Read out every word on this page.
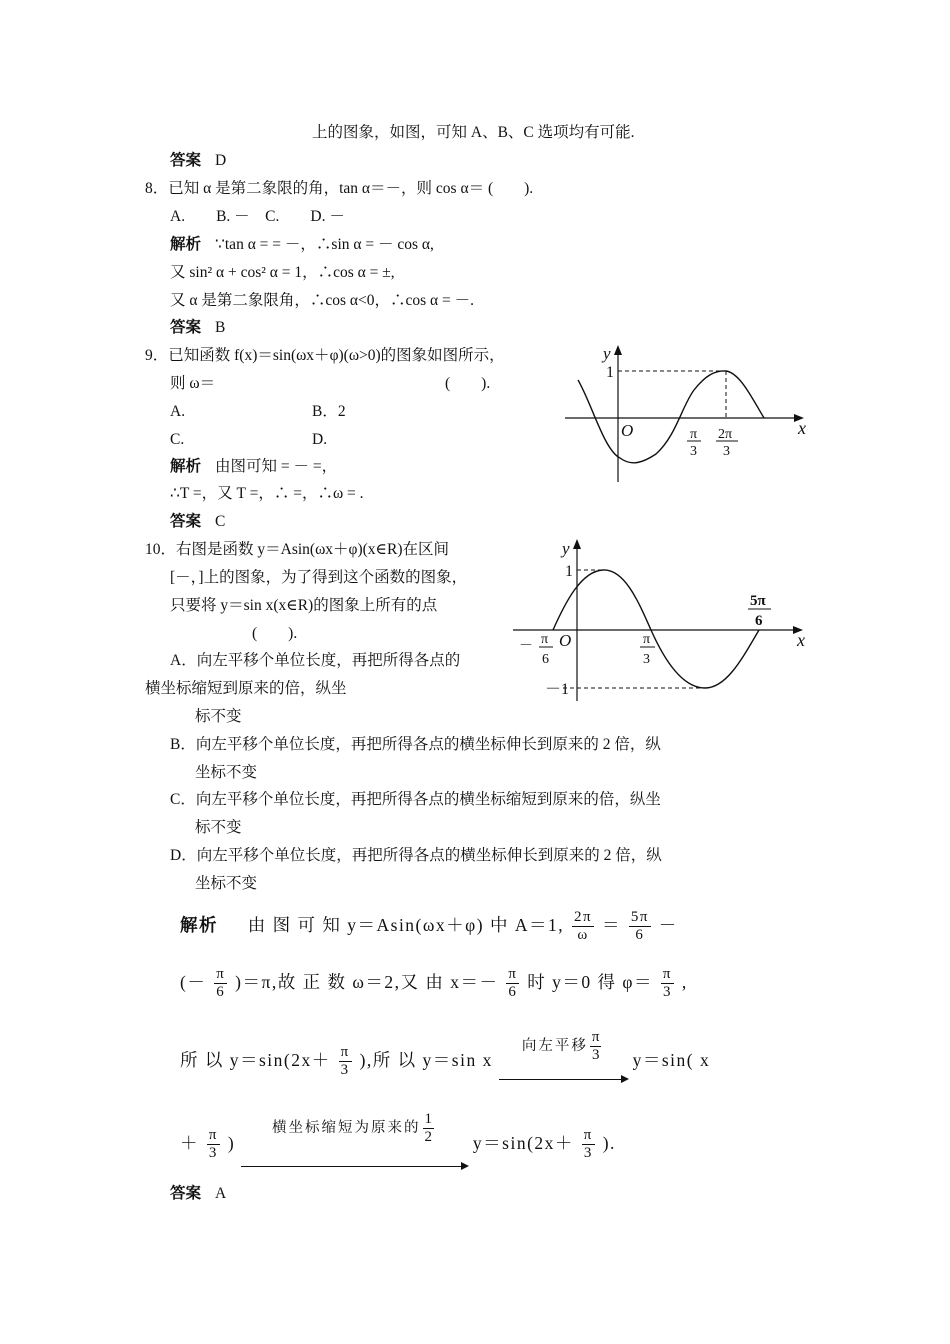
上的图象，如图，可知 A、B、C 选项均有可能.
答案 D
8．已知 α 是第二象限的角，tan α＝－，则 cos α＝ (　　).
A.　　B. －　C.　　D. －
解析 ∵tan α = = －，∴sin α = － cos α,
又 sin² α + cos² α = 1，∴cos α = ±,
又 α 是第二象限角，∴cos α<0，∴cos α = －.
答案 B
9．已知函数 f(x)＝sin(ωx＋φ)(ω>0)的图象如图所示，
则 ω＝	(　　).
A.	B．2
C.	D.
解析 由图可知 = － =，
∴T =，又 T =，∴ =，∴ω = .
答案 C
10．右图是函数 y＝Asin(ωx＋φ)(x∈R)在区间
[－，]上的图象，为了得到这个函数的图象，
只要将 y＝sin x(x∈R)的图象上所有的点
(　　).
A．向左平移个单位长度，再把所得各点的
横坐标缩短到原来的倍，纵坐
标不变
B．向左平移个单位长度，再把所得各点的横坐标伸长到原来的 2 倍，纵
坐标不变
C．向左平移个单位长度，再把所得各点的横坐标缩短到原来的倍，纵坐
标不变
D．向左平移个单位长度，再把所得各点的横坐标伸长到原来的 2 倍，纵
坐标不变
解析 由 图 可 知 y＝Asin(ωx＋φ) 中 A＝1, $\frac{2\pi}{\omega} = \frac{5\pi}{6}$ －
(－ $\frac{\pi}{6} )=\pi$,故 正 数 ω＝2,又 由 $x=- \frac{\pi}{6}$ 时 y＝0 得 $\varphi= \frac{\pi}{3}$ ,
所 以 $y=\sin(2x+ \frac{\pi}{3}$ ),所 以 y＝sin x
向左平移 $\frac{\pi}{3} y=\sin$( x
＋ $\frac{\pi}{3}$ )
横坐标缩短为原来的 $\frac{1}{2} y=\sin(2x+ \frac{\pi}{3}$ ).
答案 A
y
x
O
1
π
3
2π
3
y
x
O
1
－1
－ π
6
π
3
5π
6
